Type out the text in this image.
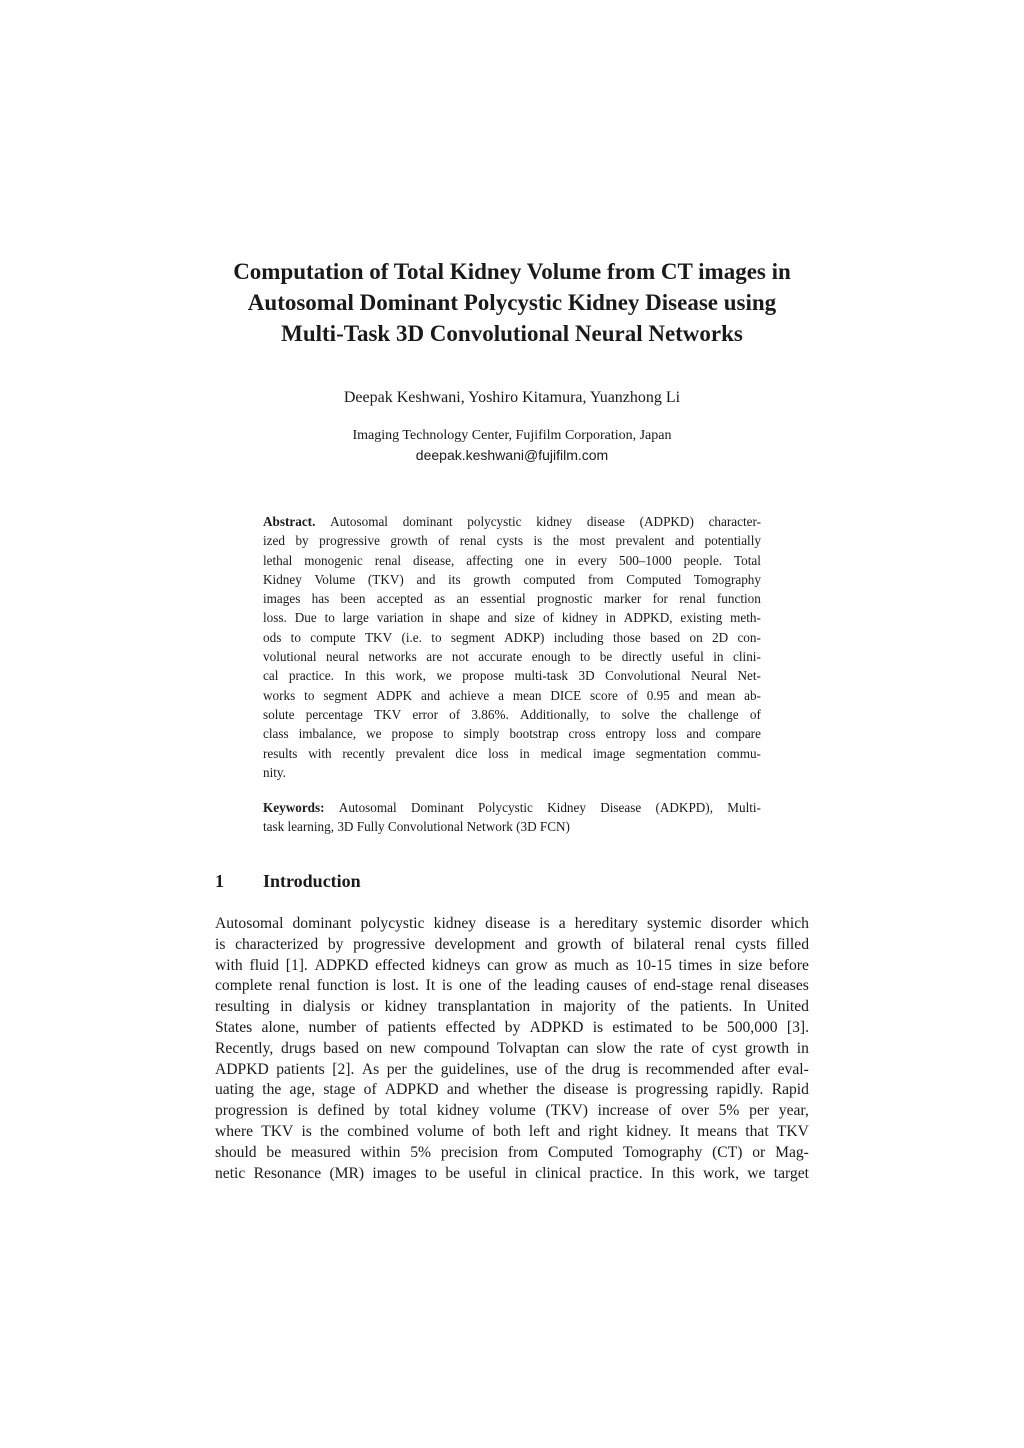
Computation of Total Kidney Volume from CT images in
Autosomal Dominant Polycystic Kidney Disease using
Multi-Task 3D Convolutional Neural Networks
Deepak Keshwani, Yoshiro Kitamura, Yuanzhong Li
Imaging Technology Center, Fujifilm Corporation, Japan
deepak.keshwani@fujifilm.com
Abstract. Autosomal dominant polycystic kidney disease (ADPKD) character-
ized by progressive growth of renal cysts is the most prevalent and potentially
lethal monogenic renal disease, affecting one in every 500–1000 people. Total
Kidney Volume (TKV) and its growth computed from Computed Tomography
images has been accepted as an essential prognostic marker for renal function
loss. Due to large variation in shape and size of kidney in ADPKD, existing meth-
ods to compute TKV (i.e. to segment ADKP) including those based on 2D con-
volutional neural networks are not accurate enough to be directly useful in clini-
cal practice. In this work, we propose multi-task 3D Convolutional Neural Net-
works to segment ADPK and achieve a mean DICE score of 0.95 and mean ab-
solute percentage TKV error of 3.86%. Additionally, to solve the challenge of
class imbalance, we propose to simply bootstrap cross entropy loss and compare
results with recently prevalent dice loss in medical image segmentation commu-
nity.
Keywords: Autosomal Dominant Polycystic Kidney Disease (ADKPD), Multi-
task learning, 3D Fully Convolutional Network (3D FCN)
1 Introduction
Autosomal dominant polycystic kidney disease is a hereditary systemic disorder which
is characterized by progressive development and growth of bilateral renal cysts filled
with fluid [1]. ADPKD effected kidneys can grow as much as 10-15 times in size before
complete renal function is lost. It is one of the leading causes of end-stage renal diseases
resulting in dialysis or kidney transplantation in majority of the patients. In United
States alone, number of patients effected by ADPKD is estimated to be 500,000 [3].
Recently, drugs based on new compound Tolvaptan can slow the rate of cyst growth in
ADPKD patients [2]. As per the guidelines, use of the drug is recommended after eval-
uating the age, stage of ADPKD and whether the disease is progressing rapidly. Rapid
progression is defined by total kidney volume (TKV) increase of over 5% per year,
where TKV is the combined volume of both left and right kidney. It means that TKV
should be measured within 5% precision from Computed Tomography (CT) or Mag-
netic Resonance (MR) images to be useful in clinical practice. In this work, we target
